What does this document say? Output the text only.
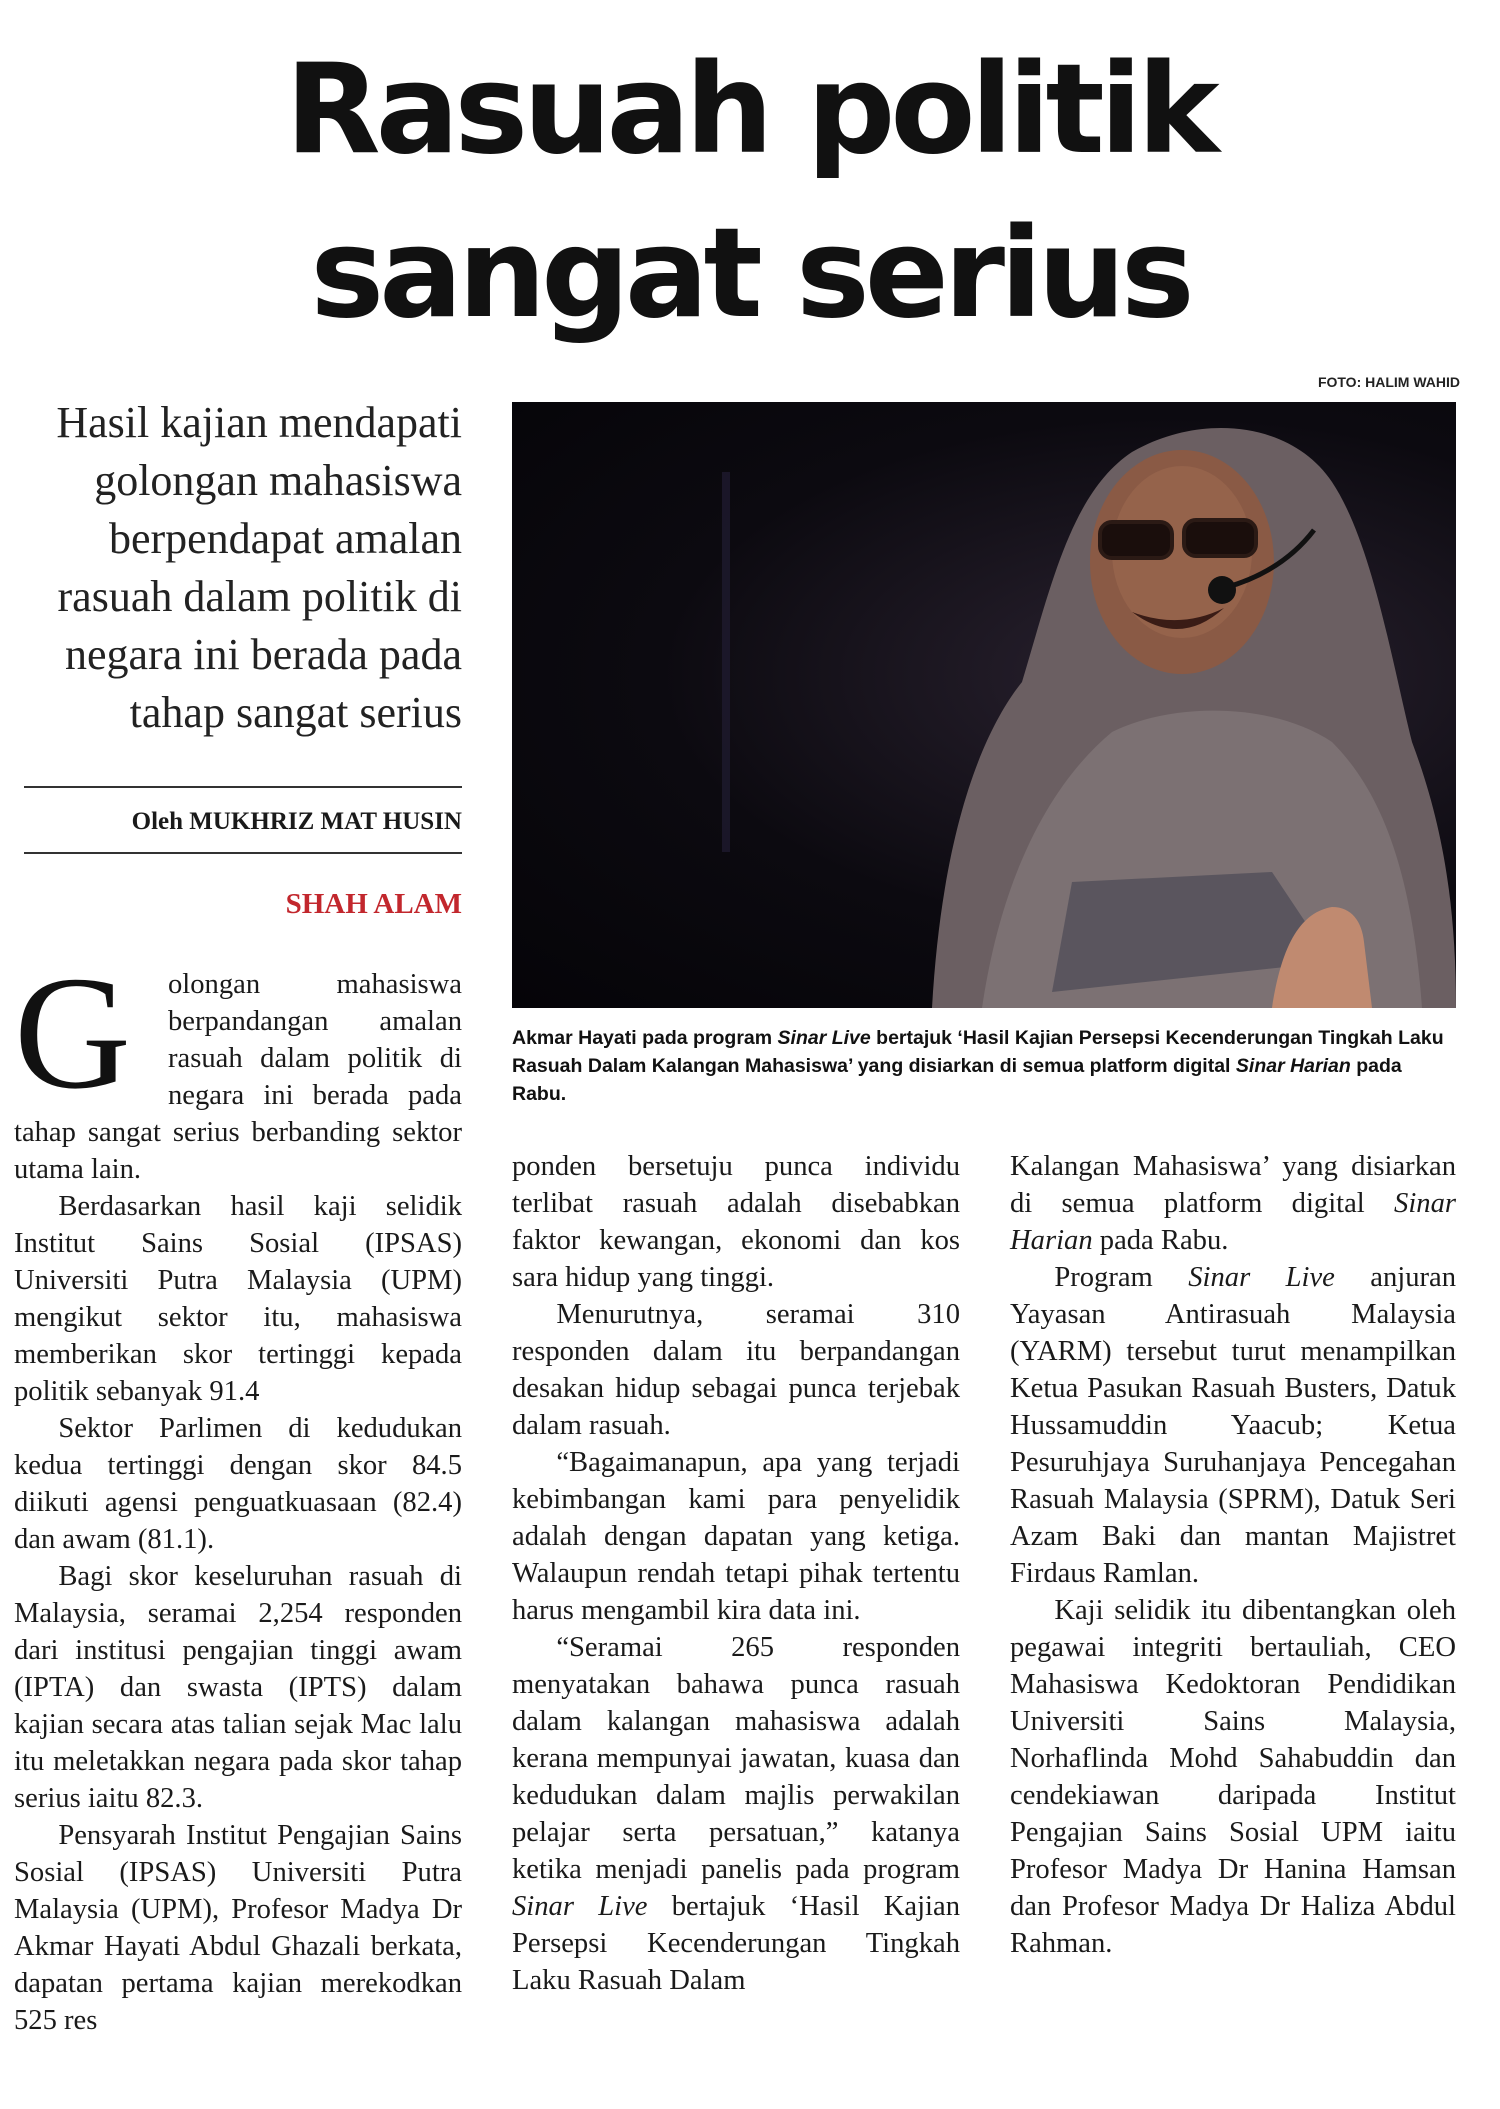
Rasuah politik
sangat serius
FOTO: HALIM WAHID

Hasil kajian mendapati golongan mahasiswa berpendapat amalan rasuah dalam politik di negara ini berada pada tahap sangat serius

Oleh MUKHRIZ MAT HUSIN
SHAH ALAM

Akmar Hayati pada program Sinar Live bertajuk ‘Hasil Kajian Persepsi Kecenderungan Tingkah Laku Rasuah Dalam Kalangan Mahasiswa’ yang disiarkan di semua platform digital Sinar Harian pada Rabu.

G	olongan mahasiswa berpandangan amalan rasuah dalam politik di negara ini berada pada tahap sangat serius berbanding sektor utama lain.

Berdasarkan hasil kaji selidik Institut Sains Sosial (IPSAS) Universiti Putra Malaysia (UPM) mengikut sektor itu, mahasiswa memberikan skor tertinggi kepada politik sebanyak 91.4

Sektor Parlimen di kedudukan kedua tertinggi dengan skor 84.5 diikuti agensi penguatkuasaan (82.4) dan awam (81.1).

Bagi skor keseluruhan rasuah di Malaysia, seramai 2,254 responden dari institusi pengajian tinggi awam (IPTA) dan swasta (IPTS) dalam kajian secara atas talian sejak Mac lalu itu meletakkan negara pada skor tahap serius iaitu 82.3.

Pensyarah Institut Pengajian Sains Sosial (IPSAS) Universiti Putra Malaysia (UPM), Profesor Madya Dr Akmar Hayati Abdul Ghazali berkata, dapatan pertama kajian merekodkan 525 res

ponden bersetuju punca individu terlibat rasuah adalah disebabkan faktor kewangan, ekonomi dan kos sara hidup yang tinggi.

Menurutnya, seramai 310 responden dalam itu berpandangan desakan hidup sebagai punca terjebak dalam rasuah.

“Bagaimanapun, apa yang terjadi kebimbangan kami para penyelidik adalah dengan dapatan yang ketiga. Walaupun rendah tetapi pihak tertentu harus mengambil kira data ini.

“Seramai 265 responden menyatakan bahawa punca rasuah dalam kalangan mahasiswa adalah kerana mempunyai jawatan, kuasa dan kedudukan dalam majlis perwakilan pelajar serta persatuan,” katanya ketika menjadi panelis pada program Sinar Live bertajuk ‘Hasil Kajian Persepsi Kecenderungan Tingkah Laku Rasuah Dalam

Kalangan Mahasiswa’ yang disiarkan di semua platform digital Sinar Harian pada Rabu.

Program Sinar Live anjuran Yayasan Antirasuah Malaysia (YARM) tersebut turut menampilkan Ketua Pasukan Rasuah Busters, Datuk Hussamuddin Yaacub; Ketua Pesuruhjaya Suruhanjaya Pencegahan Rasuah Malaysia (SPRM), Datuk Seri Azam Baki dan mantan Majistret Firdaus Ramlan.

Kaji selidik itu dibentangkan oleh pegawai integriti bertauliah, CEO Mahasiswa Kedoktoran Pendidikan Universiti Sains Malaysia, Norhaflinda Mohd Sahabuddin dan cendekiawan daripada Institut Pengajian Sains Sosial UPM iaitu Profesor Madya Dr Hanina Hamsan dan Profesor Madya Dr Haliza Abdul Rahman.
